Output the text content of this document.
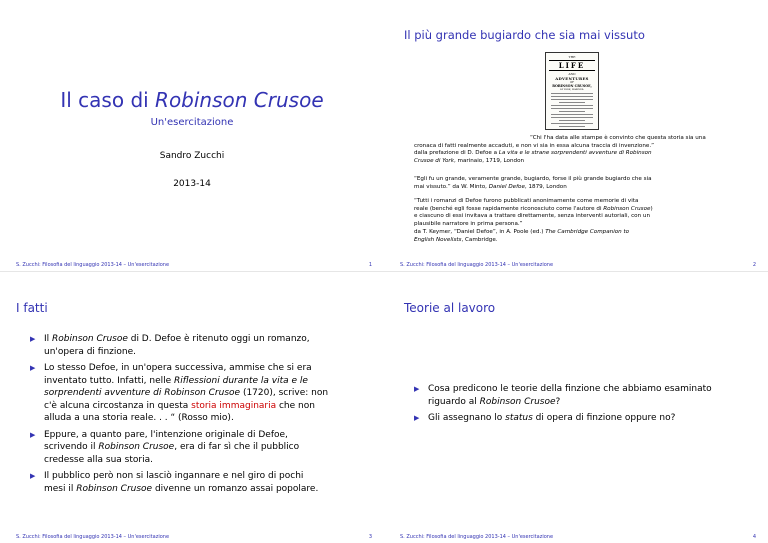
Il caso di Robinson Crusoe
Un'esercitazione
Sandro Zucchi
2013-14
S. Zucchi: Filosofia del linguaggio 2013-14 – Un'esercitazione	1
Il più grande bugiardo che sia mai vissuto
THE
LIFE
AND
ADVENTURES
OF
ROBINSON CRUSOE,
OF YORK, MARINER:
“Chi l'ha data alle stampe è convinto che questa storia sia una
cronaca di fatti realmente accaduti, e non vi sia in essa alcuna traccia di invenzione.”
dalla prefazione di D. Defoe a La vita e le strane sorprendenti avventure di Robinson
Crusoe di York, marinaio, 1719, London
“Egli fu un grande, veramente grande, bugiardo, forse il più grande bugiardo che sia
mai vissuto.” da W. Minto, Daniel Defoe, 1879, London
“Tutti i romanzi di Defoe furono pubblicati anonimamente come memorie di vita
reale (benché egli fosse rapidamente riconosciuto come l'autore di Robinson Crusoe)
e ciascuno di essi invitava a trattare direttamente, senza interventi autoriali, con un
plausibile narratore in prima persona.”
da T. Keymer, “Daniel Defoe”, in A. Poole (ed.) The Cambridge Companion to
English Novelists, Cambridge.
S. Zucchi: Filosofia del linguaggio 2013-14 – Un'esercitazione	2
I fatti
▶ Il Robinson Crusoe di D. Defoe è ritenuto oggi un romanzo,
un'opera di finzione.
▶ Lo stesso Defoe, in un'opera successiva, ammise che si era
inventato tutto. Infatti, nelle Riflessioni durante la vita e le
sorprendenti avventure di Robinson Crusoe (1720), scrive: non
c'è alcuna circostanza in questa storia immaginaria che non
alluda a una storia reale. . . “ (Rosso mio).
▶ Eppure, a quanto pare, l'intenzione originale di Defoe,
scrivendo il Robinson Crusoe, era di far sì che il pubblico
credesse alla sua storia.
▶ Il pubblico però non si lasciò ingannare e nel giro di pochi
mesi il Robinson Crusoe divenne un romanzo assai popolare.
S. Zucchi: Filosofia del linguaggio 2013-14 – Un'esercitazione	3
Teorie al lavoro
▶ Cosa predicono le teorie della finzione che abbiamo esaminato
riguardo al Robinson Crusoe?
▶ Gli assegnano lo status di opera di finzione oppure no?
S. Zucchi: Filosofia del linguaggio 2013-14 – Un'esercitazione	4
